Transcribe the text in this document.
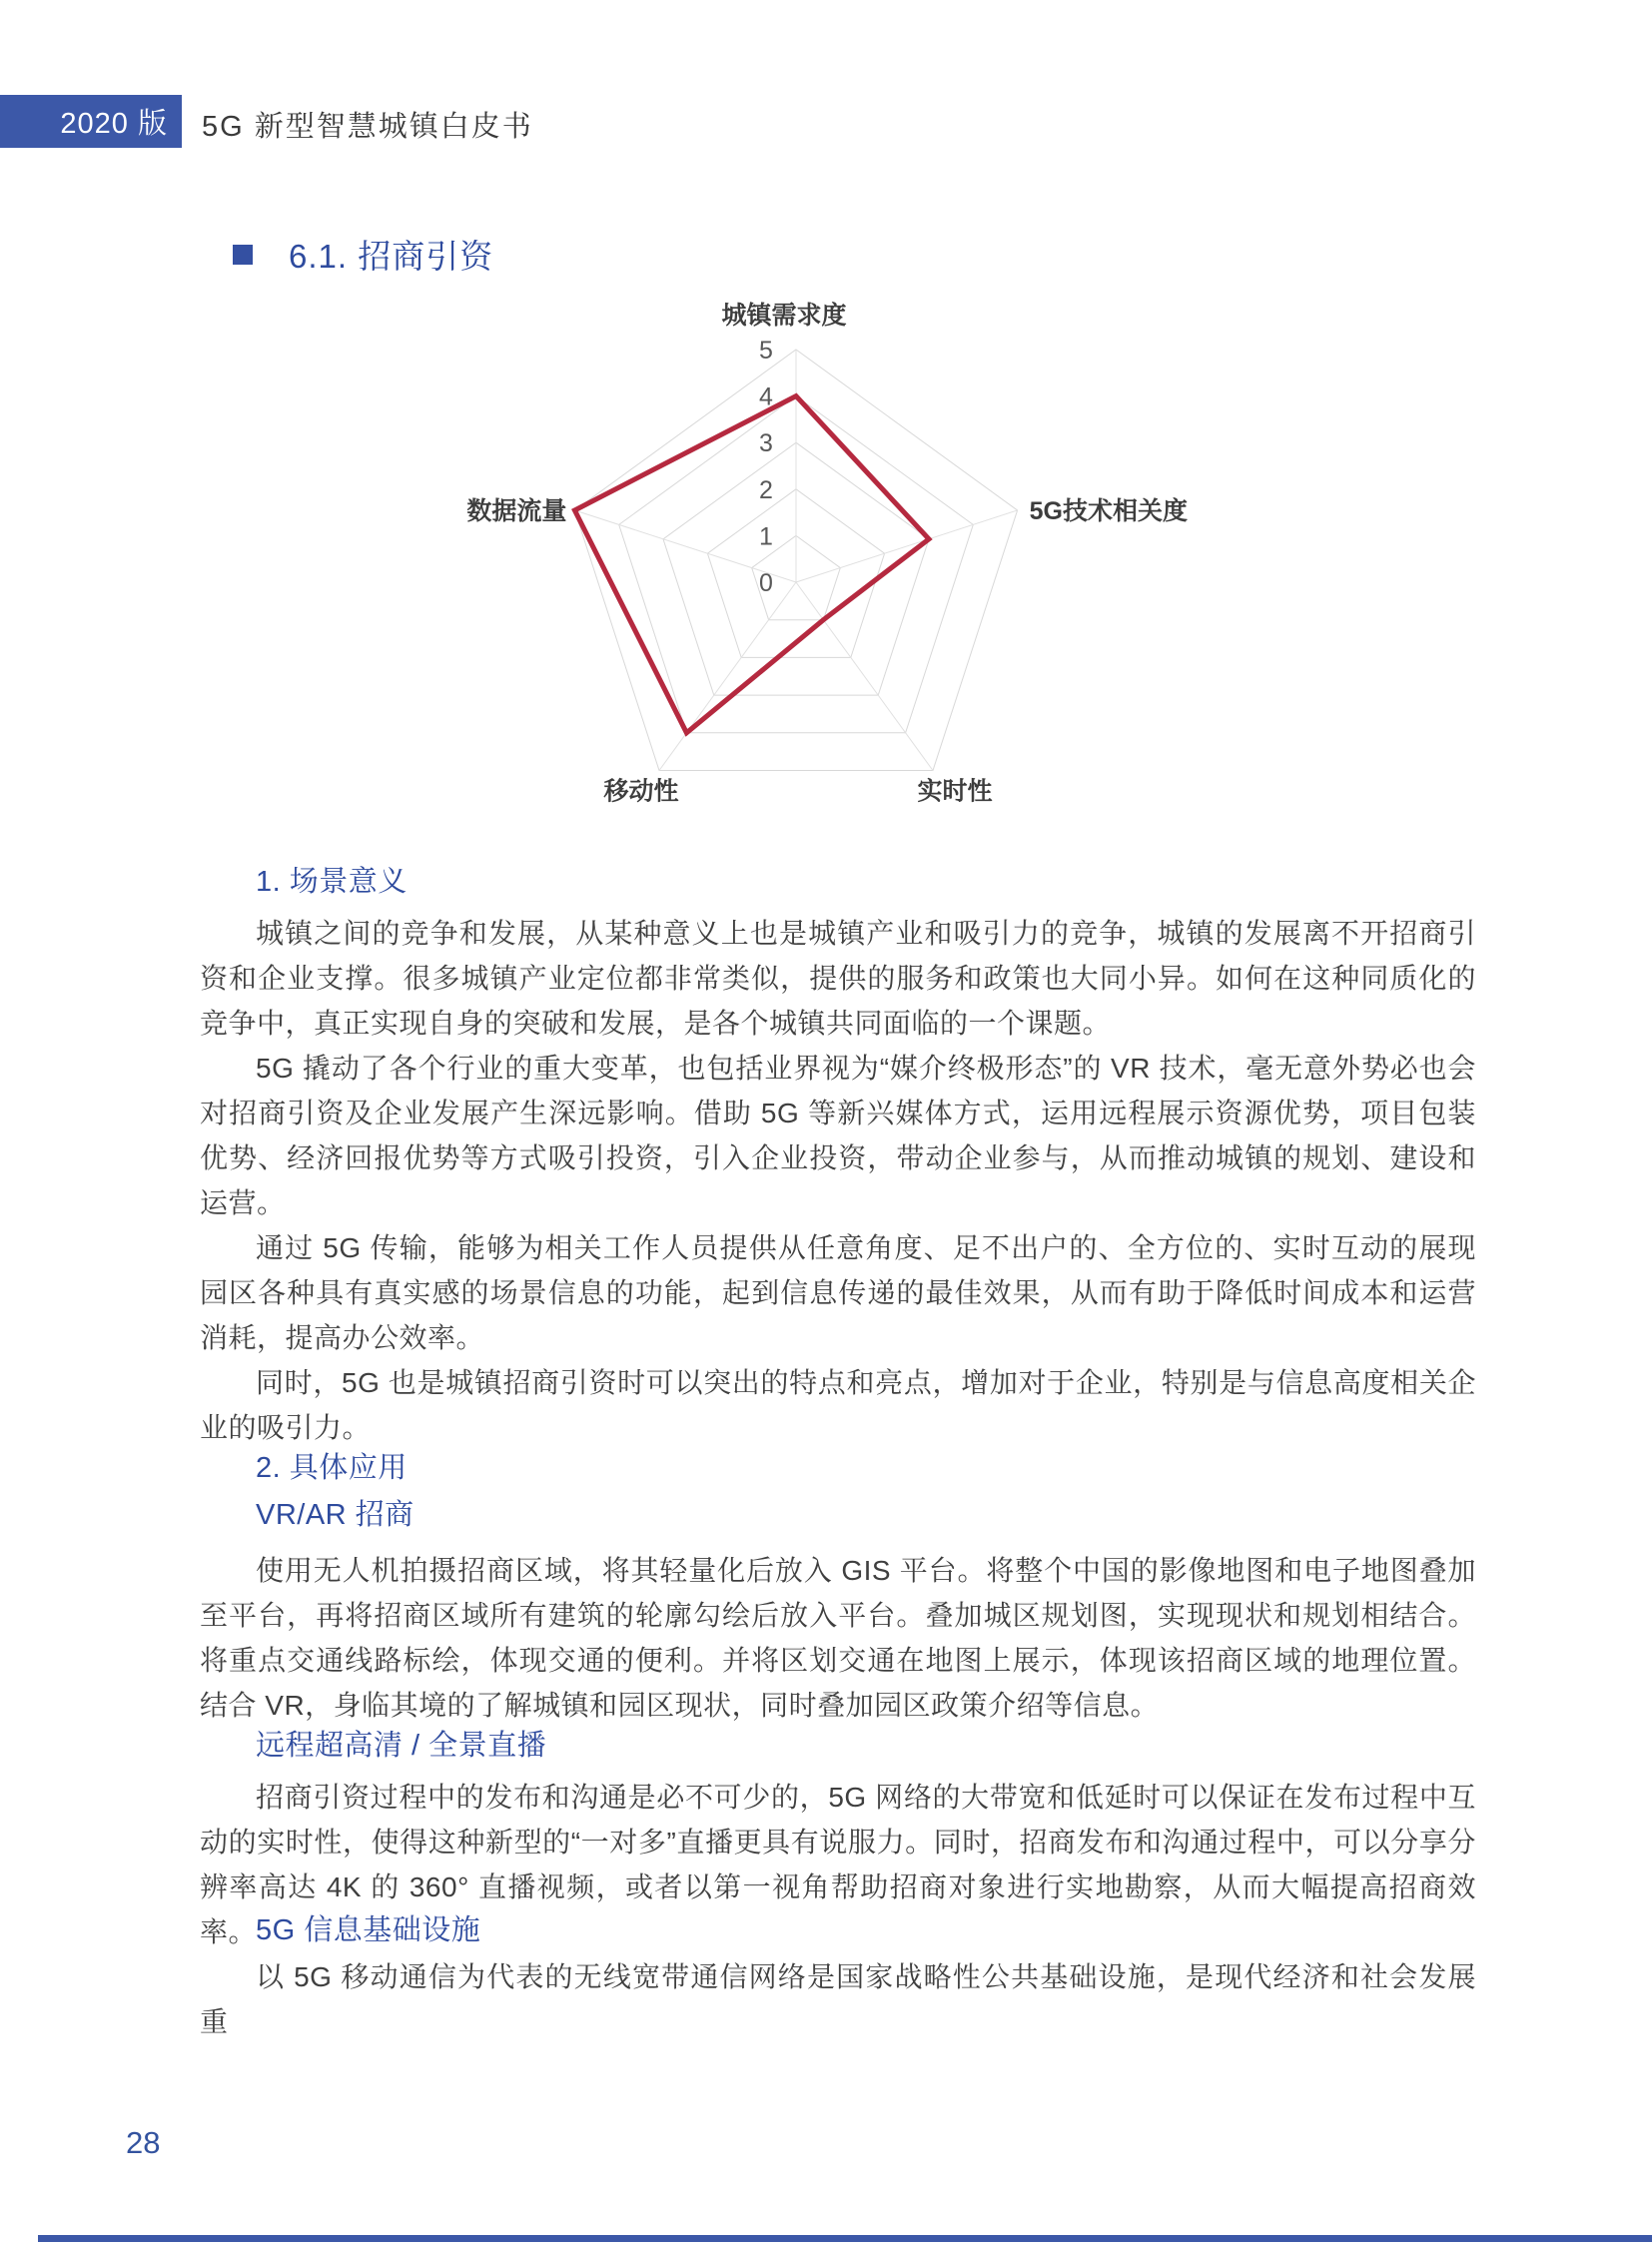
2020 版 5G 新型智慧城镇白皮书
6.1. 招商引资
0
1
2
3
4
5
城镇需求度
5G技术相关度
实时性
移动性
数据流量
1. 场景意义

城镇之间的竞争和发展，从某种意义上也是城镇产业和吸引力的竞争，城镇的发展离不开招商引资和企业支撑。很多城镇产业定位都非常类似，提供的服务和政策也大同小异。如何在这种同质化的竞争中，真正实现自身的突破和发展，是各个城镇共同面临的一个课题。

5G 撬动了各个行业的重大变革，也包括业界视为“媒介终极形态”的 VR 技术，毫无意外势必也会对招商引资及企业发展产生深远影响。借助 5G 等新兴媒体方式，运用远程展示资源优势，项目包装优势、经济回报优势等方式吸引投资，引入企业投资，带动企业参与，从而推动城镇的规划、建设和运营。

通过 5G 传输，能够为相关工作人员提供从任意角度、足不出户的、全方位的、实时互动的展现园区各种具有真实感的场景信息的功能，起到信息传递的最佳效果，从而有助于降低时间成本和运营消耗，提高办公效率。

同时，5G 也是城镇招商引资时可以突出的特点和亮点，增加对于企业，特别是与信息高度相关企业的吸引力。

2. 具体应用
VR/AR 招商

使用无人机拍摄招商区域，将其轻量化后放入 GIS 平台。将整个中国的影像地图和电子地图叠加至平台，再将招商区域所有建筑的轮廓勾绘后放入平台。叠加城区规划图，实现现状和规划相结合。将重点交通线路标绘，体现交通的便利。并将区划交通在地图上展示，体现该招商区域的地理位置。结合 VR，身临其境的了解城镇和园区现状，同时叠加园区政策介绍等信息。

远程超高清 / 全景直播

招商引资过程中的发布和沟通是必不可少的，5G 网络的大带宽和低延时可以保证在发布过程中互动的实时性，使得这种新型的“一对多”直播更具有说服力。同时，招商发布和沟通过程中，可以分享分辨率高达 4K 的 360° 直播视频，或者以第一视角帮助招商对象进行实地勘察，从而大幅提高招商效率。

5G 信息基础设施

以 5G 移动通信为代表的无线宽带通信网络是国家战略性公共基础设施，是现代经济和社会发展重

28
